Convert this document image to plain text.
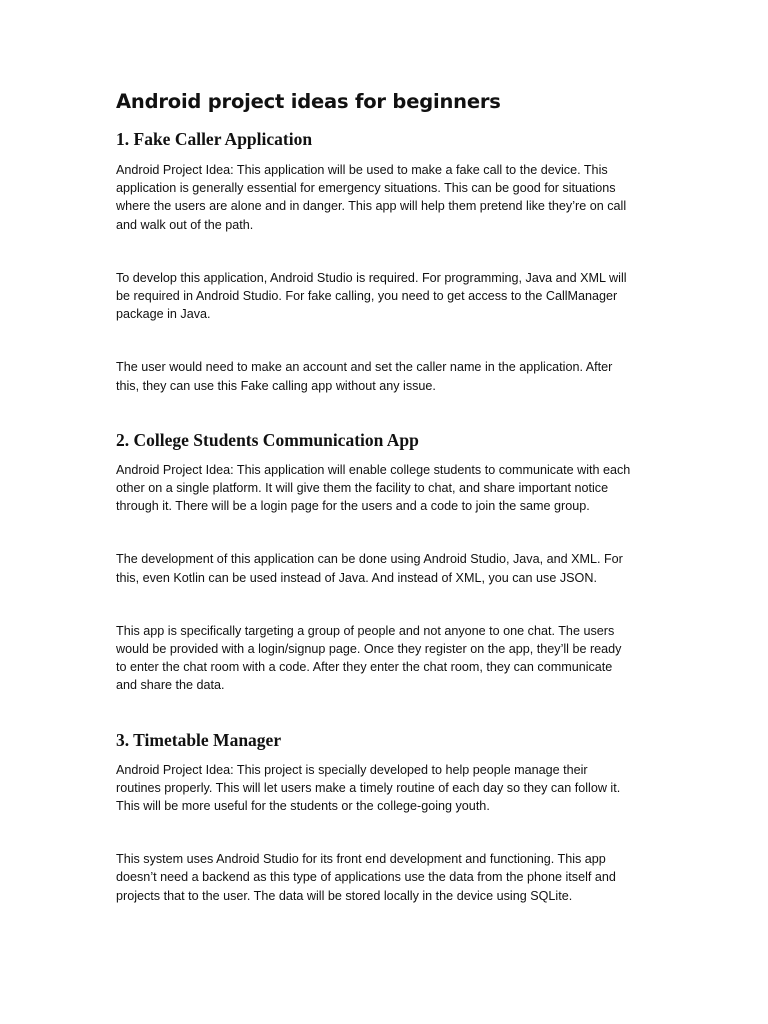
Android project ideas for beginners
1. Fake Caller Application

Android Project Idea: This application will be used to make a fake call to the device. This
application is generally essential for emergency situations. This can be good for situations
where the users are alone and in danger. This app will help them pretend like they’re on call
and walk out of the path.

To develop this application, Android Studio is required. For programming, Java and XML will
be required in Android Studio. For fake calling, you need to get access to the CallManager
package in Java.

The user would need to make an account and set the caller name in the application. After
this, they can use this Fake calling app without any issue.

2. College Students Communication App

Android Project Idea: This application will enable college students to communicate with each
other on a single platform. It will give them the facility to chat, and share important notice
through it. There will be a login page for the users and a code to join the same group.

The development of this application can be done using Android Studio, Java, and XML. For
this, even Kotlin can be used instead of Java. And instead of XML, you can use JSON.

This app is specifically targeting a group of people and not anyone to one chat. The users
would be provided with a login/signup page. Once they register on the app, they’ll be ready
to enter the chat room with a code. After they enter the chat room, they can communicate
and share the data.

3. Timetable Manager

Android Project Idea: This project is specially developed to help people manage their
routines properly. This will let users make a timely routine of each day so they can follow it.
This will be more useful for the students or the college-going youth.

This system uses Android Studio for its front end development and functioning. This app
doesn’t need a backend as this type of applications use the data from the phone itself and
projects that to the user. The data will be stored locally in the device using SQLite.
